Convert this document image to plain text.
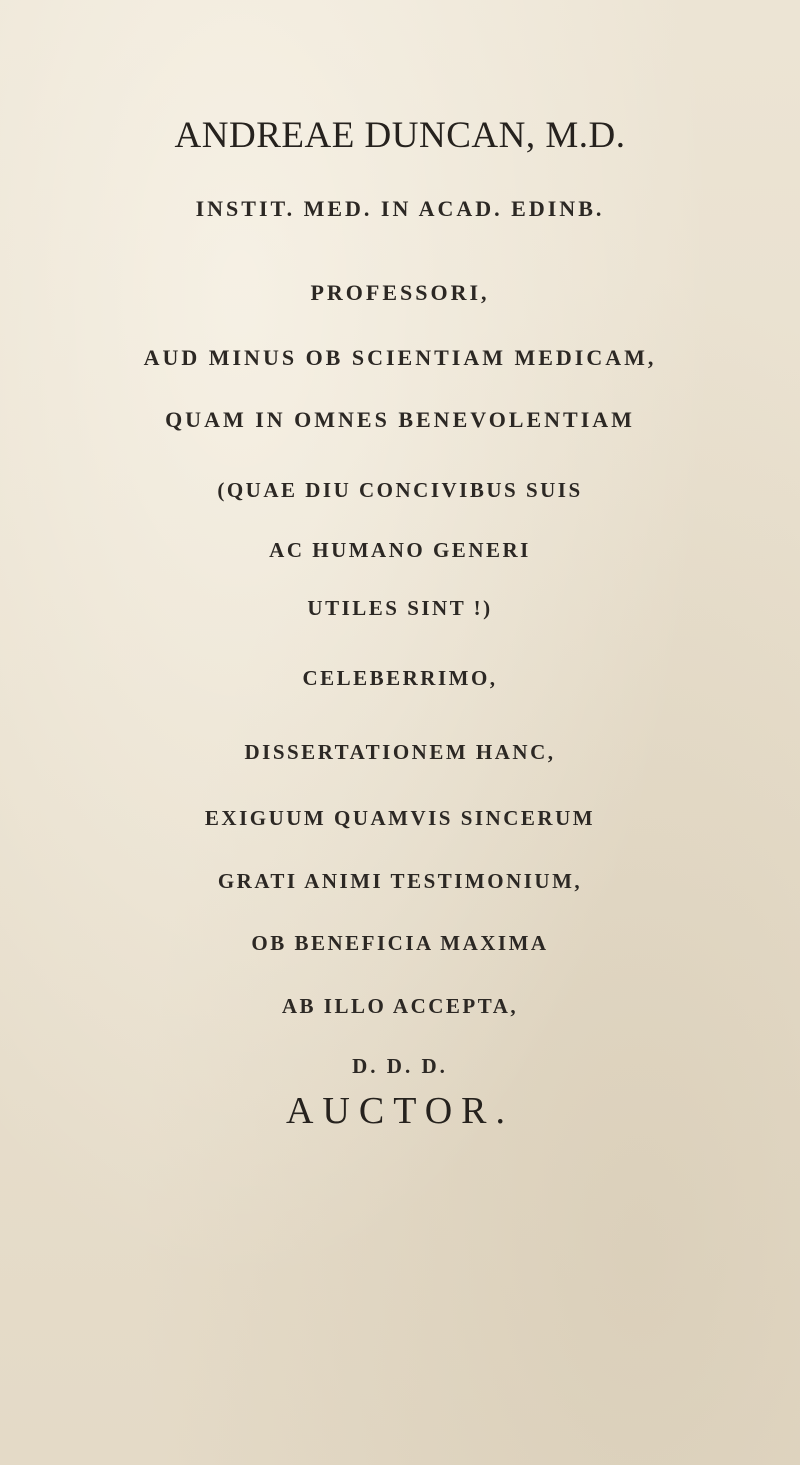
ANDREAE DUNCAN, M.D.
INSTIT. MED. IN ACAD. EDINB.
PROFESSORI,
AUD MINUS OB SCIENTIAM MEDICAM,
QUAM IN OMNES BENEVOLENTIAM
(QUAE DIU CONCIVIBUS SUIS
AC HUMANO GENERI
UTILES SINT !)
CELEBERRIMO,
DISSERTATIONEM HANC,
EXIGUUM QUAMVIS SINCERUM
GRATI ANIMI TESTIMONIUM,
OB BENEFICIA MAXIMA
AB ILLO ACCEPTA,
D. D. D.
AUCTOR.
